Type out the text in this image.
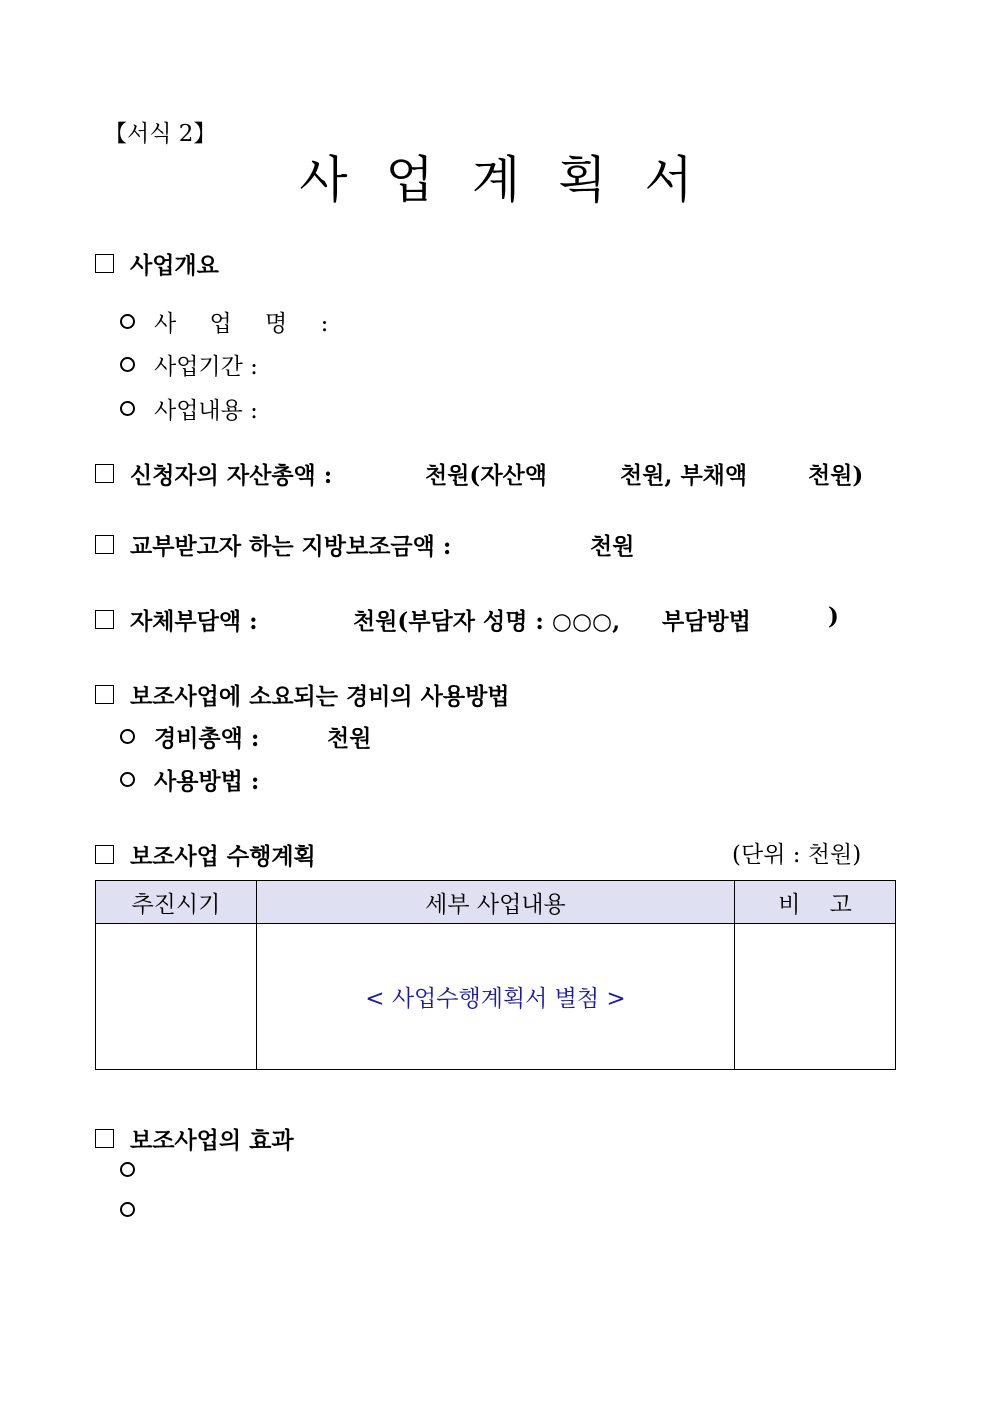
【서식 2】
사업계획서
사업개요
사 업 명 :
사업기간 :
사업내용 :
신청자의 자산총액 :	천원(자산액	천원, 부채액	천원)
교부받고자 하는 지방보조금액 :	천원
자체부담액 :	천원(부담자 성명 : ○○○, 부담방법	)
보조사업에 소요되는 경비의 사용방법
경비총액 :	천원
사용방법 :
보조사업 수행계획	(단위 : 천원)
추진시기	세부 사업내용	비    고
	< 사업수행계획서 별첨 >	
보조사업의 효과
